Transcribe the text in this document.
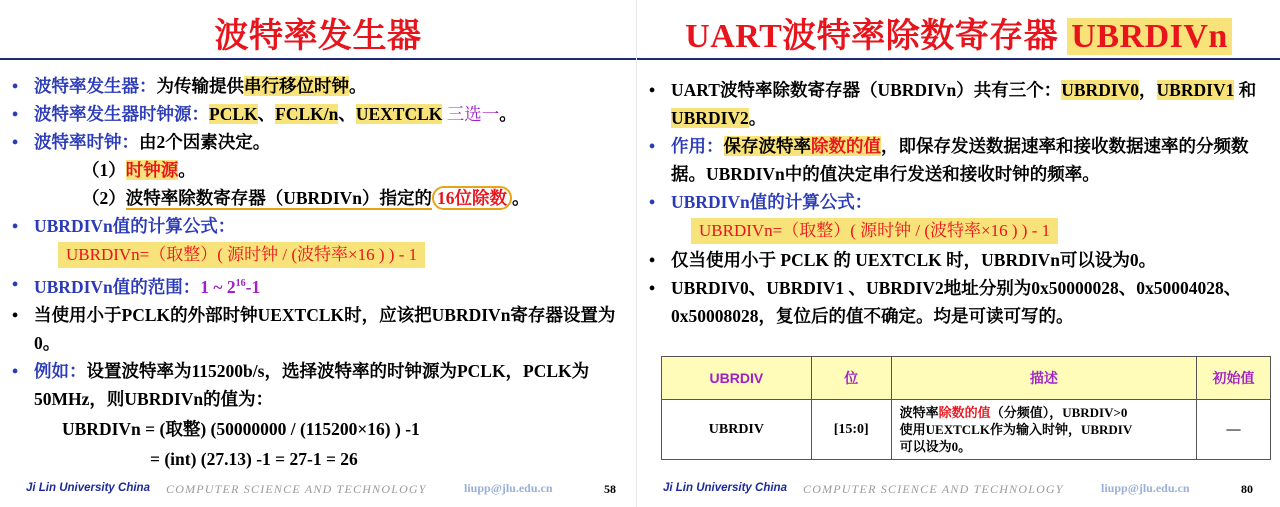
波特率发生器
• 波特率发生器：为传输提供串行移位时钟。
• 波特率发生器时钟源：PCLK、FCLK/n、UEXTCLK 三选一。
• 波特率时钟：由2个因素决定。
（1）时钟源。
（2）波特率除数寄存器（UBRDIVn）指定的 16位除数 。
• UBRDIVn值的计算公式：
UBRDIVn=（取整）( 源时钟 / (波特率×16 ) ) - 1
• UBRDIVn值的范围：1 ~ $2^{16}-1$
• 当使用小于PCLK的外部时钟UEXTCLK时，应该把UBRDIVn寄存器设置为 0。
• 例如：设置波特率为115200b/s，选择波特率的时钟源为PCLK，PCLK为50MHz，则UBRDIVn的值为：
UBRDIVn = (取整) (50000000 / (115200×16) ) -1
= (int) (27.13) -1 = 27-1 = 26
Ji Lin University China COMPUTER SCIENCE AND TECHNOLOGY	liupp@jlu.edu.cn	58
UART波特率除数寄存器 UBRDIVn
• UART波特率除数寄存器（UBRDIVn）共有三个：UBRDIV0，UBRDIV1 和 UBRDIV2。
• 作用：保存波特率除数的值，即保存发送数据速率和接收数据速率的分频数据。UBRDIVn中的值决定串行发送和接收时钟的频率。
• UBRDIVn值的计算公式：
UBRDIVn=（取整）( 源时钟 / (波特率×16 ) ) - 1
• 仅当使用小于 PCLK 的 UEXTCLK 时，UBRDIVn可以设为0。
• UBRDIV0、UBRDIV1 、UBRDIV2地址分别为0x50000028、0x50004028、0x50008028，复位后的值不确定。均是可读可写的。
UBRDIV	位	描述	初始值
UBRDIV	[15:0]	波特率除数的值（分频值），UBRDIV>0
使用UEXTCLK作为输入时钟，UBRDIV
可以设为0。	—
Ji Lin University China COMPUTER SCIENCE AND TECHNOLOGY	liupp@jlu.edu.cn	80
